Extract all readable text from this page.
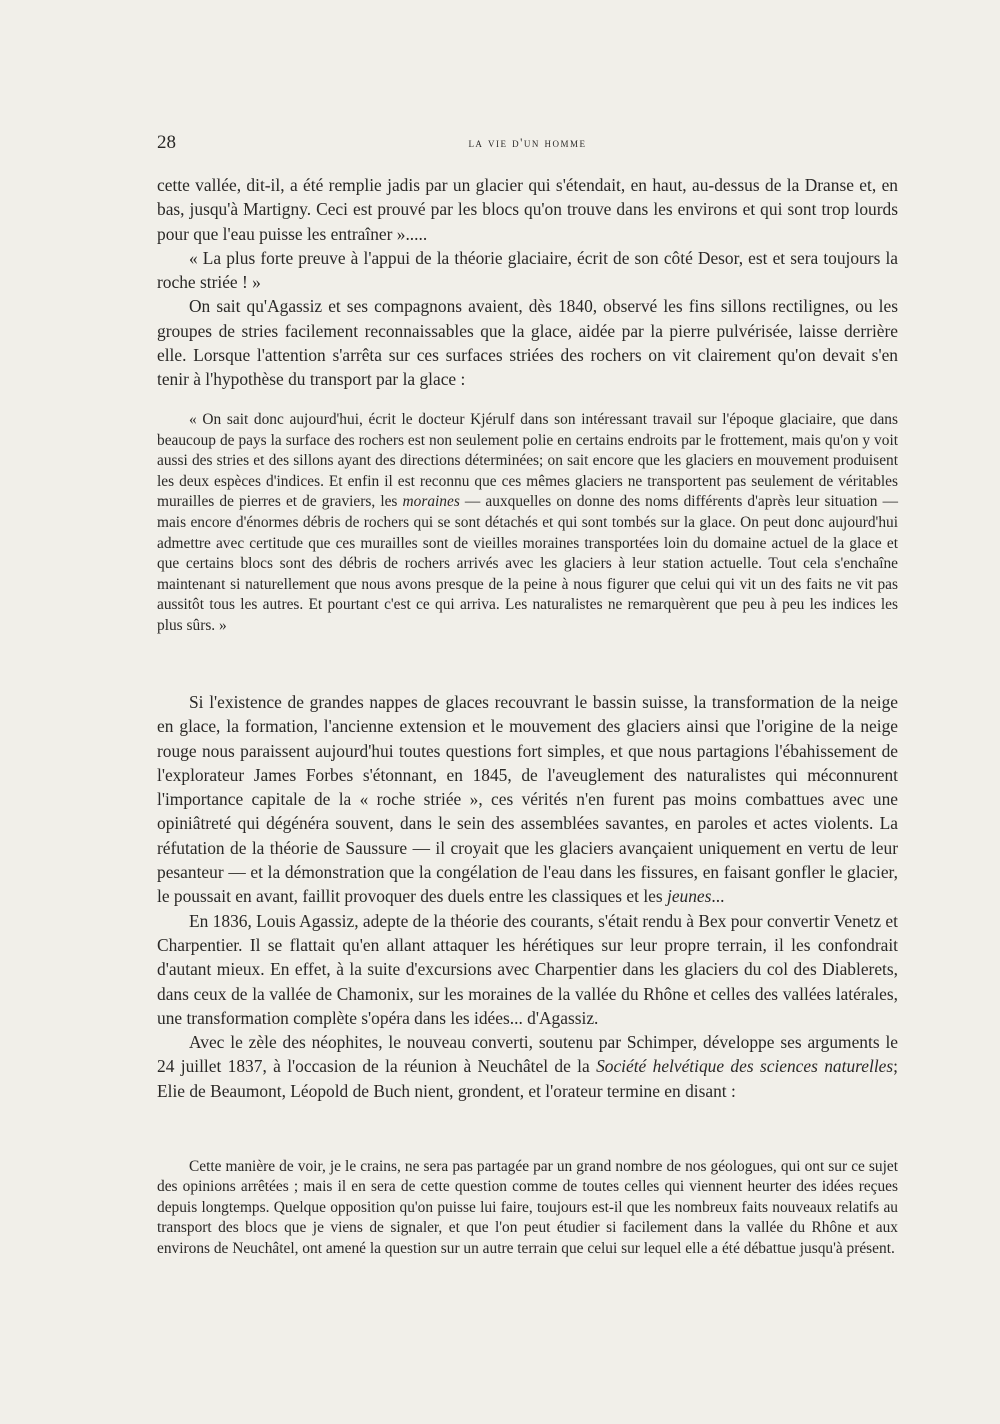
28	la vie d'un homme

cette vallée, dit-il, a été remplie jadis par un glacier qui s'étendait, en haut, au-dessus de la Dranse et, en bas, jusqu'à Martigny. Ceci est prouvé par les blocs qu'on trouve dans les environs et qui sont trop lourds pour que l'eau puisse les entraîner ».....

« La plus forte preuve à l'appui de la théorie glaciaire, écrit de son côté Desor, est et sera toujours la roche striée ! »

On sait qu'Agassiz et ses compagnons avaient, dès 1840, observé les fins sillons rectilignes, ou les groupes de stries facilement reconnaissables que la glace, aidée par la pierre pulvérisée, laisse derrière elle. Lorsque l'attention s'arrêta sur ces surfaces striées des rochers on vit clairement qu'on devait s'en tenir à l'hypothèse du transport par la glace :

« On sait donc aujourd'hui, écrit le docteur Kjérulf dans son intéressant travail sur l'époque glaciaire, que dans beaucoup de pays la surface des rochers est non seulement polie en certains endroits par le frottement, mais qu'on y voit aussi des stries et des sillons ayant des directions déterminées; on sait encore que les glaciers en mouvement produisent les deux espèces d'indices. Et enfin il est reconnu que ces mêmes glaciers ne transportent pas seulement de véritables murailles de pierres et de graviers, les moraines — auxquelles on donne des noms différents d'après leur situation — mais encore d'énormes débris de rochers qui se sont détachés et qui sont tombés sur la glace. On peut donc aujourd'hui admettre avec certitude que ces murailles sont de vieilles moraines transportées loin du domaine actuel de la glace et que certains blocs sont des débris de rochers arrivés avec les glaciers à leur station actuelle. Tout cela s'enchaîne maintenant si naturellement que nous avons presque de la peine à nous figurer que celui qui vit un des faits ne vit pas aussitôt tous les autres. Et pourtant c'est ce qui arriva. Les naturalistes ne remarquèrent que peu à peu les indices les plus sûrs. »

Si l'existence de grandes nappes de glaces recouvrant le bassin suisse, la transformation de la neige en glace, la formation, l'ancienne extension et le mouvement des glaciers ainsi que l'origine de la neige rouge nous paraissent aujourd'hui toutes questions fort simples, et que nous partagions l'ébahissement de l'explorateur James Forbes s'étonnant, en 1845, de l'aveuglement des naturalistes qui méconnurent l'importance capitale de la « roche striée », ces vérités n'en furent pas moins combattues avec une opiniâtreté qui dégénéra souvent, dans le sein des assemblées savantes, en paroles et actes violents. La réfutation de la théorie de Saussure — il croyait que les glaciers avançaient uniquement en vertu de leur pesanteur — et la démonstration que la congélation de l'eau dans les fissures, en faisant gonfler le glacier, le poussait en avant, faillit provoquer des duels entre les classiques et les jeunes...

En 1836, Louis Agassiz, adepte de la théorie des courants, s'était rendu à Bex pour convertir Venetz et Charpentier. Il se flattait qu'en allant attaquer les hérétiques sur leur propre terrain, il les confondrait d'autant mieux. En effet, à la suite d'excursions avec Charpentier dans les glaciers du col des Diablerets, dans ceux de la vallée de Chamonix, sur les moraines de la vallée du Rhône et celles des vallées latérales, une transformation complète s'opéra dans les idées... d'Agassiz.

Avec le zèle des néophites, le nouveau converti, soutenu par Schimper, développe ses arguments le 24 juillet 1837, à l'occasion de la réunion à Neuchâtel de la Société helvétique des sciences naturelles; Elie de Beaumont, Léopold de Buch nient, grondent, et l'orateur termine en disant :

Cette manière de voir, je le crains, ne sera pas partagée par un grand nombre de nos géologues, qui ont sur ce sujet des opinions arrêtées ; mais il en sera de cette question comme de toutes celles qui viennent heurter des idées reçues depuis longtemps. Quelque opposition qu'on puisse lui faire, toujours est-il que les nombreux faits nouveaux relatifs au transport des blocs que je viens de signaler, et que l'on peut étudier si facilement dans la vallée du Rhône et aux environs de Neuchâtel, ont amené la question sur un autre terrain que celui sur lequel elle a été débattue jusqu'à présent.
